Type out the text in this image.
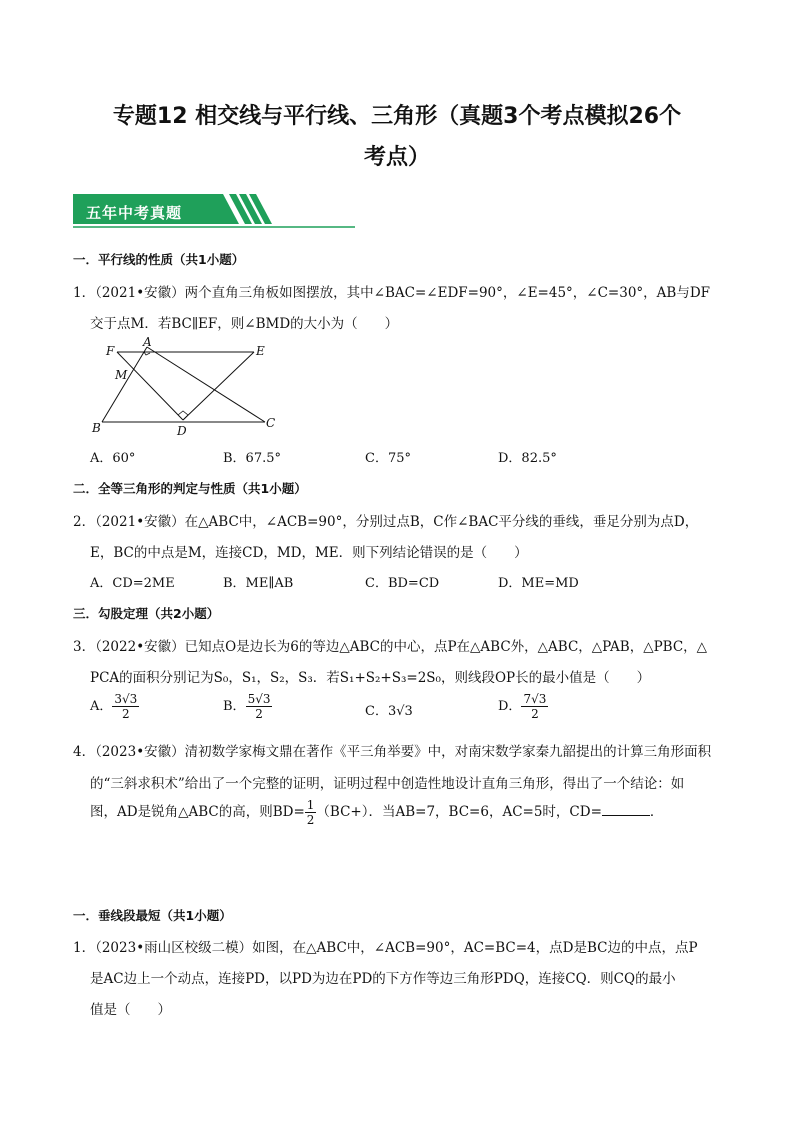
专题12 相交线与平行线、三角形（真题3个考点模拟26个
考点）
五年中考真题
一．平行线的性质（共1小题）
1．（2021•安徽）两个直角三角板如图摆放，其中∠BAC=∠EDF=90°，∠E=45°，∠C=30°，AB与DF
交于点M．若BC∥EF，则∠BMD的大小为（　　）
F
A
E
M
B	D
C
A．60°	B．67.5°	C．75°	D．82.5°
二．全等三角形的判定与性质（共1小题）
2．（2021•安徽）在△ABC中，∠ACB=90°，分别过点B，C作∠BAC平分线的垂线，垂足分别为点D，
E，BC的中点是M，连接CD，MD，ME．则下列结论错误的是（　　）
A．CD=2ME	B．ME∥AB	C．BD=CD	D．ME=MD
三．勾股定理（共2小题）
3．（2022•安徽）已知点O是边长为6的等边△ABC的中心，点P在△ABC外，△ABC，△PAB，△PBC，△
PCA的面积分别记为S₀，S₁，S₂，S₃．若S₁+S₂+S₃=2S₀，则线段OP长的最小值是（　　）
A． $\frac{3√3}{2}$	B． $\frac{5√3}{2}$	C．3√3	D． $\frac{7√3}{2}$
4．（2023•安徽）清初数学家梅文鼎在著作《平三角举要》中，对南宋数学家秦九韶提出的计算三角形面积
的“三斜求积术”给出了一个完整的证明，证明过程中创造性地设计直角三角形，得出了一个结论：如
图，AD是锐角△ABC的高，则$BD= \frac{1}{2} (BC+)$．当AB=7，BC=6，AC=5时，CD=	．
一．垂线段最短（共1小题）
1．（2023•雨山区校级二模）如图，在△ABC中，∠ACB=90°，AC=BC=4，点D是BC边的中点，点P
是AC边上一个动点，连接PD，以PD为边在PD的下方作等边三角形PDQ，连接CQ．则CQ的最小
值是（　　）
